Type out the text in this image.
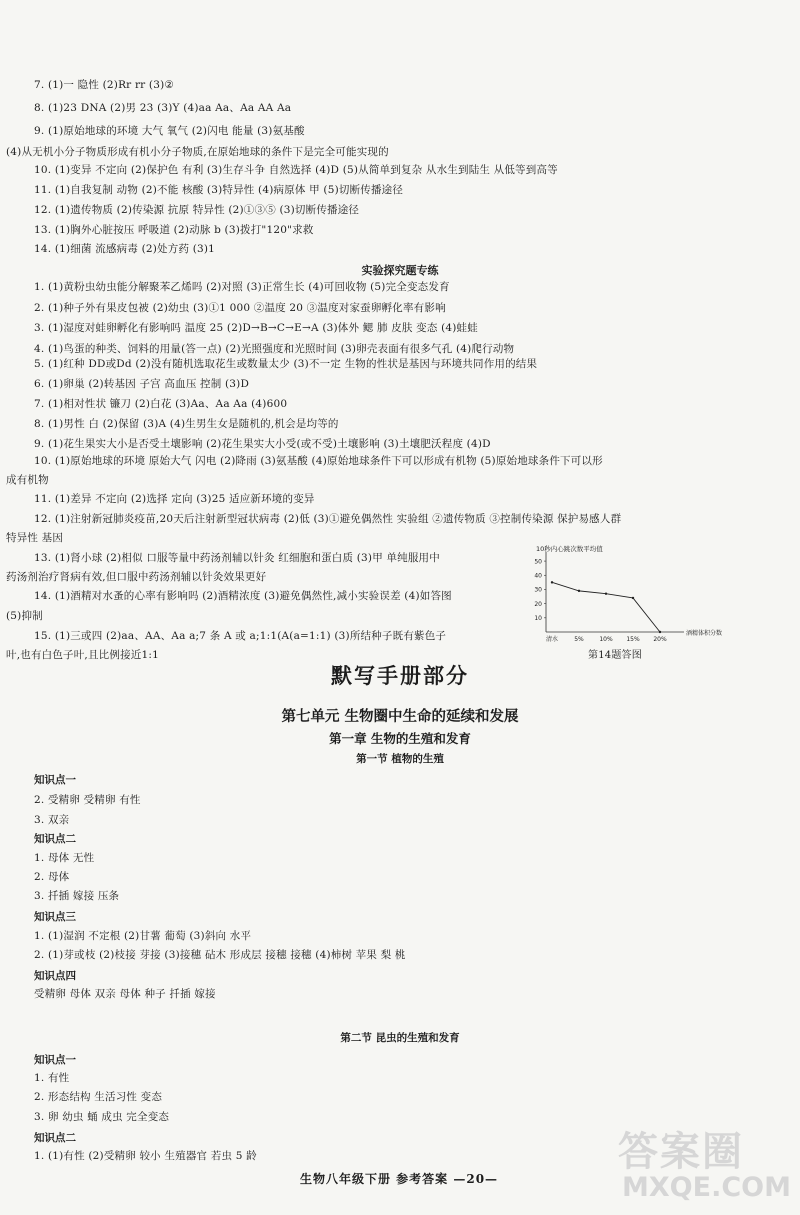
7. (1)一 隐性 (2)Rr rr (3)②
8. (1)23 DNA (2)男 23 (3)Y (4)aa Aa、Aa AA Aa
9. (1)原始地球的环境 大气 氧气 (2)闪电 能量 (3)氨基酸
(4)从无机小分子物质形成有机小分子物质,在原始地球的条件下是完全可能实现的
10. (1)变异 不定向 (2)保护色 有利 (3)生存斗争 自然选择 (4)D (5)从简单到复杂 从水生到陆生 从低等到高等
11. (1)自我复制 动物 (2)不能 核酸 (3)特异性 (4)病原体 甲 (5)切断传播途径
12. (1)遗传物质 (2)传染源 抗原 特异性 (2)①③⑤ (3)切断传播途径
13. (1)胸外心脏按压 呼吸道 (2)动脉 b (3)拨打"120"求救
14. (1)细菌 流感病毒 (2)处方药 (3)1
实验探究题专练
1. (1)黄粉虫幼虫能分解聚苯乙烯吗 (2)对照 (3)正常生长 (4)可回收物 (5)完全变态发育
2. (1)种子外有果皮包被 (2)幼虫 (3)①1 000 ②温度 20 ③温度对家蚕卵孵化率有影响
3. (1)湿度对蛙卵孵化有影响吗 温度 25 (2)D→B→C→E→A (3)体外 鳃 肺 皮肤 变态 (4)蛙蛙
4. (1)鸟蛋的种类、饲料的用量(答一点) (2)光照强度和光照时间 (3)卵壳表面有很多气孔 (4)爬行动物
5. (1)红种 DD或Dd (2)没有随机选取花生或数量太少 (3)不一定 生物的性状是基因与环境共同作用的结果
6. (1)卵巢 (2)转基因 子宫 高血压 控制 (3)D
7. (1)相对性状 镰刀 (2)白花 (3)Aa、Aa Aa (4)600
8. (1)男性 白 (2)保留 (3)A (4)生男生女是随机的,机会是均等的
9. (1)花生果实大小是否受土壤影响 (2)花生果实大小受(或不受)土壤影响 (3)土壤肥沃程度 (4)D
10. (1)原始地球的环境 原始大气 闪电 (2)降雨 (3)氨基酸 (4)原始地球条件下可以形成有机物 (5)原始地球条件下可以形
成有机物
11. (1)差异 不定向 (2)选择 定向 (3)25 适应新环境的变异
12. (1)注射新冠肺炎疫苗,20天后注射新型冠状病毒 (2)低 (3)①避免偶然性 实验组 ②遗传物质 ③控制传染源 保护易感人群
特异性 基因
13. (1)肾小球 (2)相似 口服等量中药汤剂辅以针灸 红细胞和蛋白质 (3)甲 单纯服用中
药汤剂治疗肾病有效,但口服中药汤剂辅以针灸效果更好
14. (1)酒精对水蚤的心率有影响吗 (2)酒精浓度 (3)避免偶然性,减小实验误差 (4)如答图
(5)抑制
15. (1)三或四 (2)aa、AA、Aa a;7 条 A 或 a;1:1(A(a=1:1) (3)所结种子既有紫色子
叶,也有白色子叶,且比例接近1:1
10秒内心跳次数平均值
50
40
30
20
10
清水	5%	10% 15% 20%
酒精体积分数
第14题答图
默写手册部分
第七单元 生物圈中生命的延续和发展
第一章 生物的生殖和发育
第一节 植物的生殖
知识点一
2. 受精卵 受精卵 有性
3. 双亲
知识点二
1. 母体 无性
2. 母体
3. 扦插 嫁接 压条
知识点三
1. (1)湿润 不定根 (2)甘薯 葡萄 (3)斜向 水平
2. (1)芽或枝 (2)枝接 芽接 (3)接穗 砧木 形成层 接穗 接穗 (4)柿树 苹果 梨 桃
知识点四
受精卵 母体 双亲 母体 种子 扦插 嫁接
第二节 昆虫的生殖和发育
知识点一
1. 有性
2. 形态结构 生活习性 变态
3. 卵 幼虫 蛹 成虫 完全变态
知识点二
1. (1)有性 (2)受精卵 较小 生殖器官 若虫 5 龄
生物八年级下册 参考答案 —20—
答案圈
MXQE.COM
